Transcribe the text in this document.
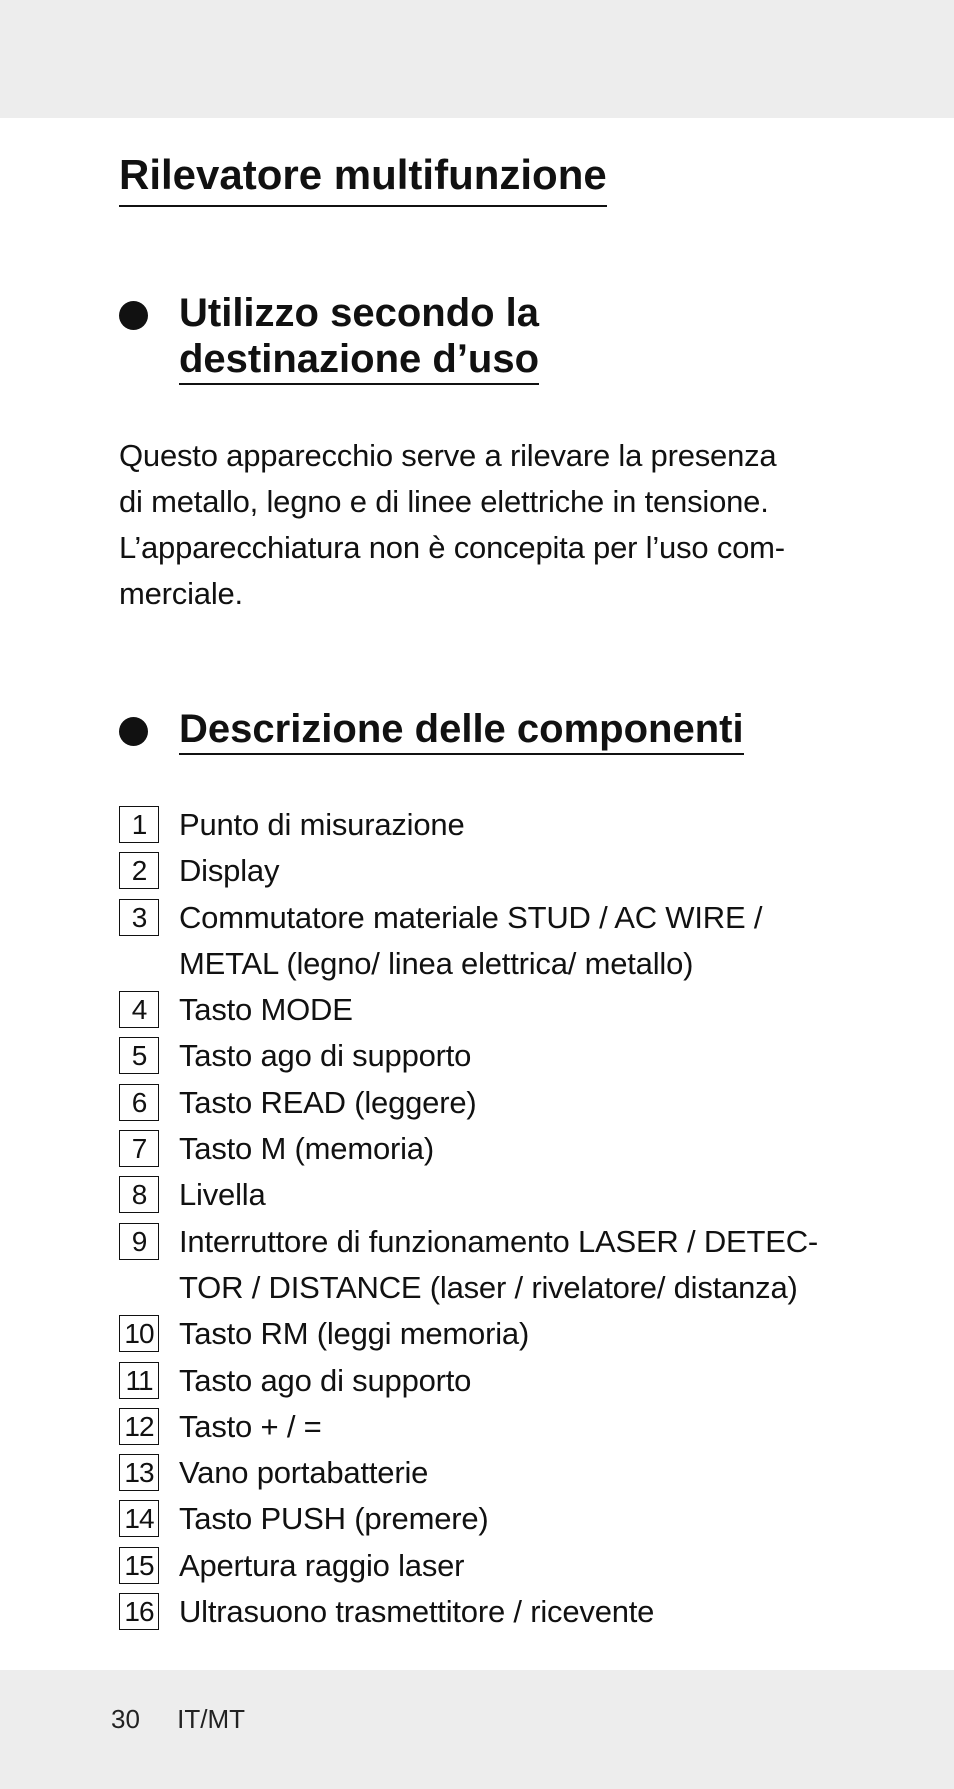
Rilevatore multifunzione
Utilizzo secondo la
destinazione d’uso

Questo apparecchio serve a rilevare la presenza
di metallo, legno e di linee elettriche in tensione.
L’apparecchiatura non è concepita per l’uso com-
merciale.

Descrizione delle componenti
1	Punto di misurazione
2	Display
3	Commutatore materiale STUD / AC WIRE /
METAL (legno/ linea elettrica/ metallo)
4	Tasto MODE
5	Tasto ago di supporto
6	Tasto READ (leggere)
7	Tasto M (memoria)
8	Livella
9	Interruttore di funzionamento LASER / DETEC-
TOR / DISTANCE (laser / rivelatore/ distanza)
10 Tasto RM (leggi memoria)
11 Tasto ago di supporto
12 Tasto + / =
13 Vano portabatterie
14 Tasto PUSH (premere)
15 Apertura raggio laser
16 Ultrasuono trasmettitore / ricevente
30 IT/MT
